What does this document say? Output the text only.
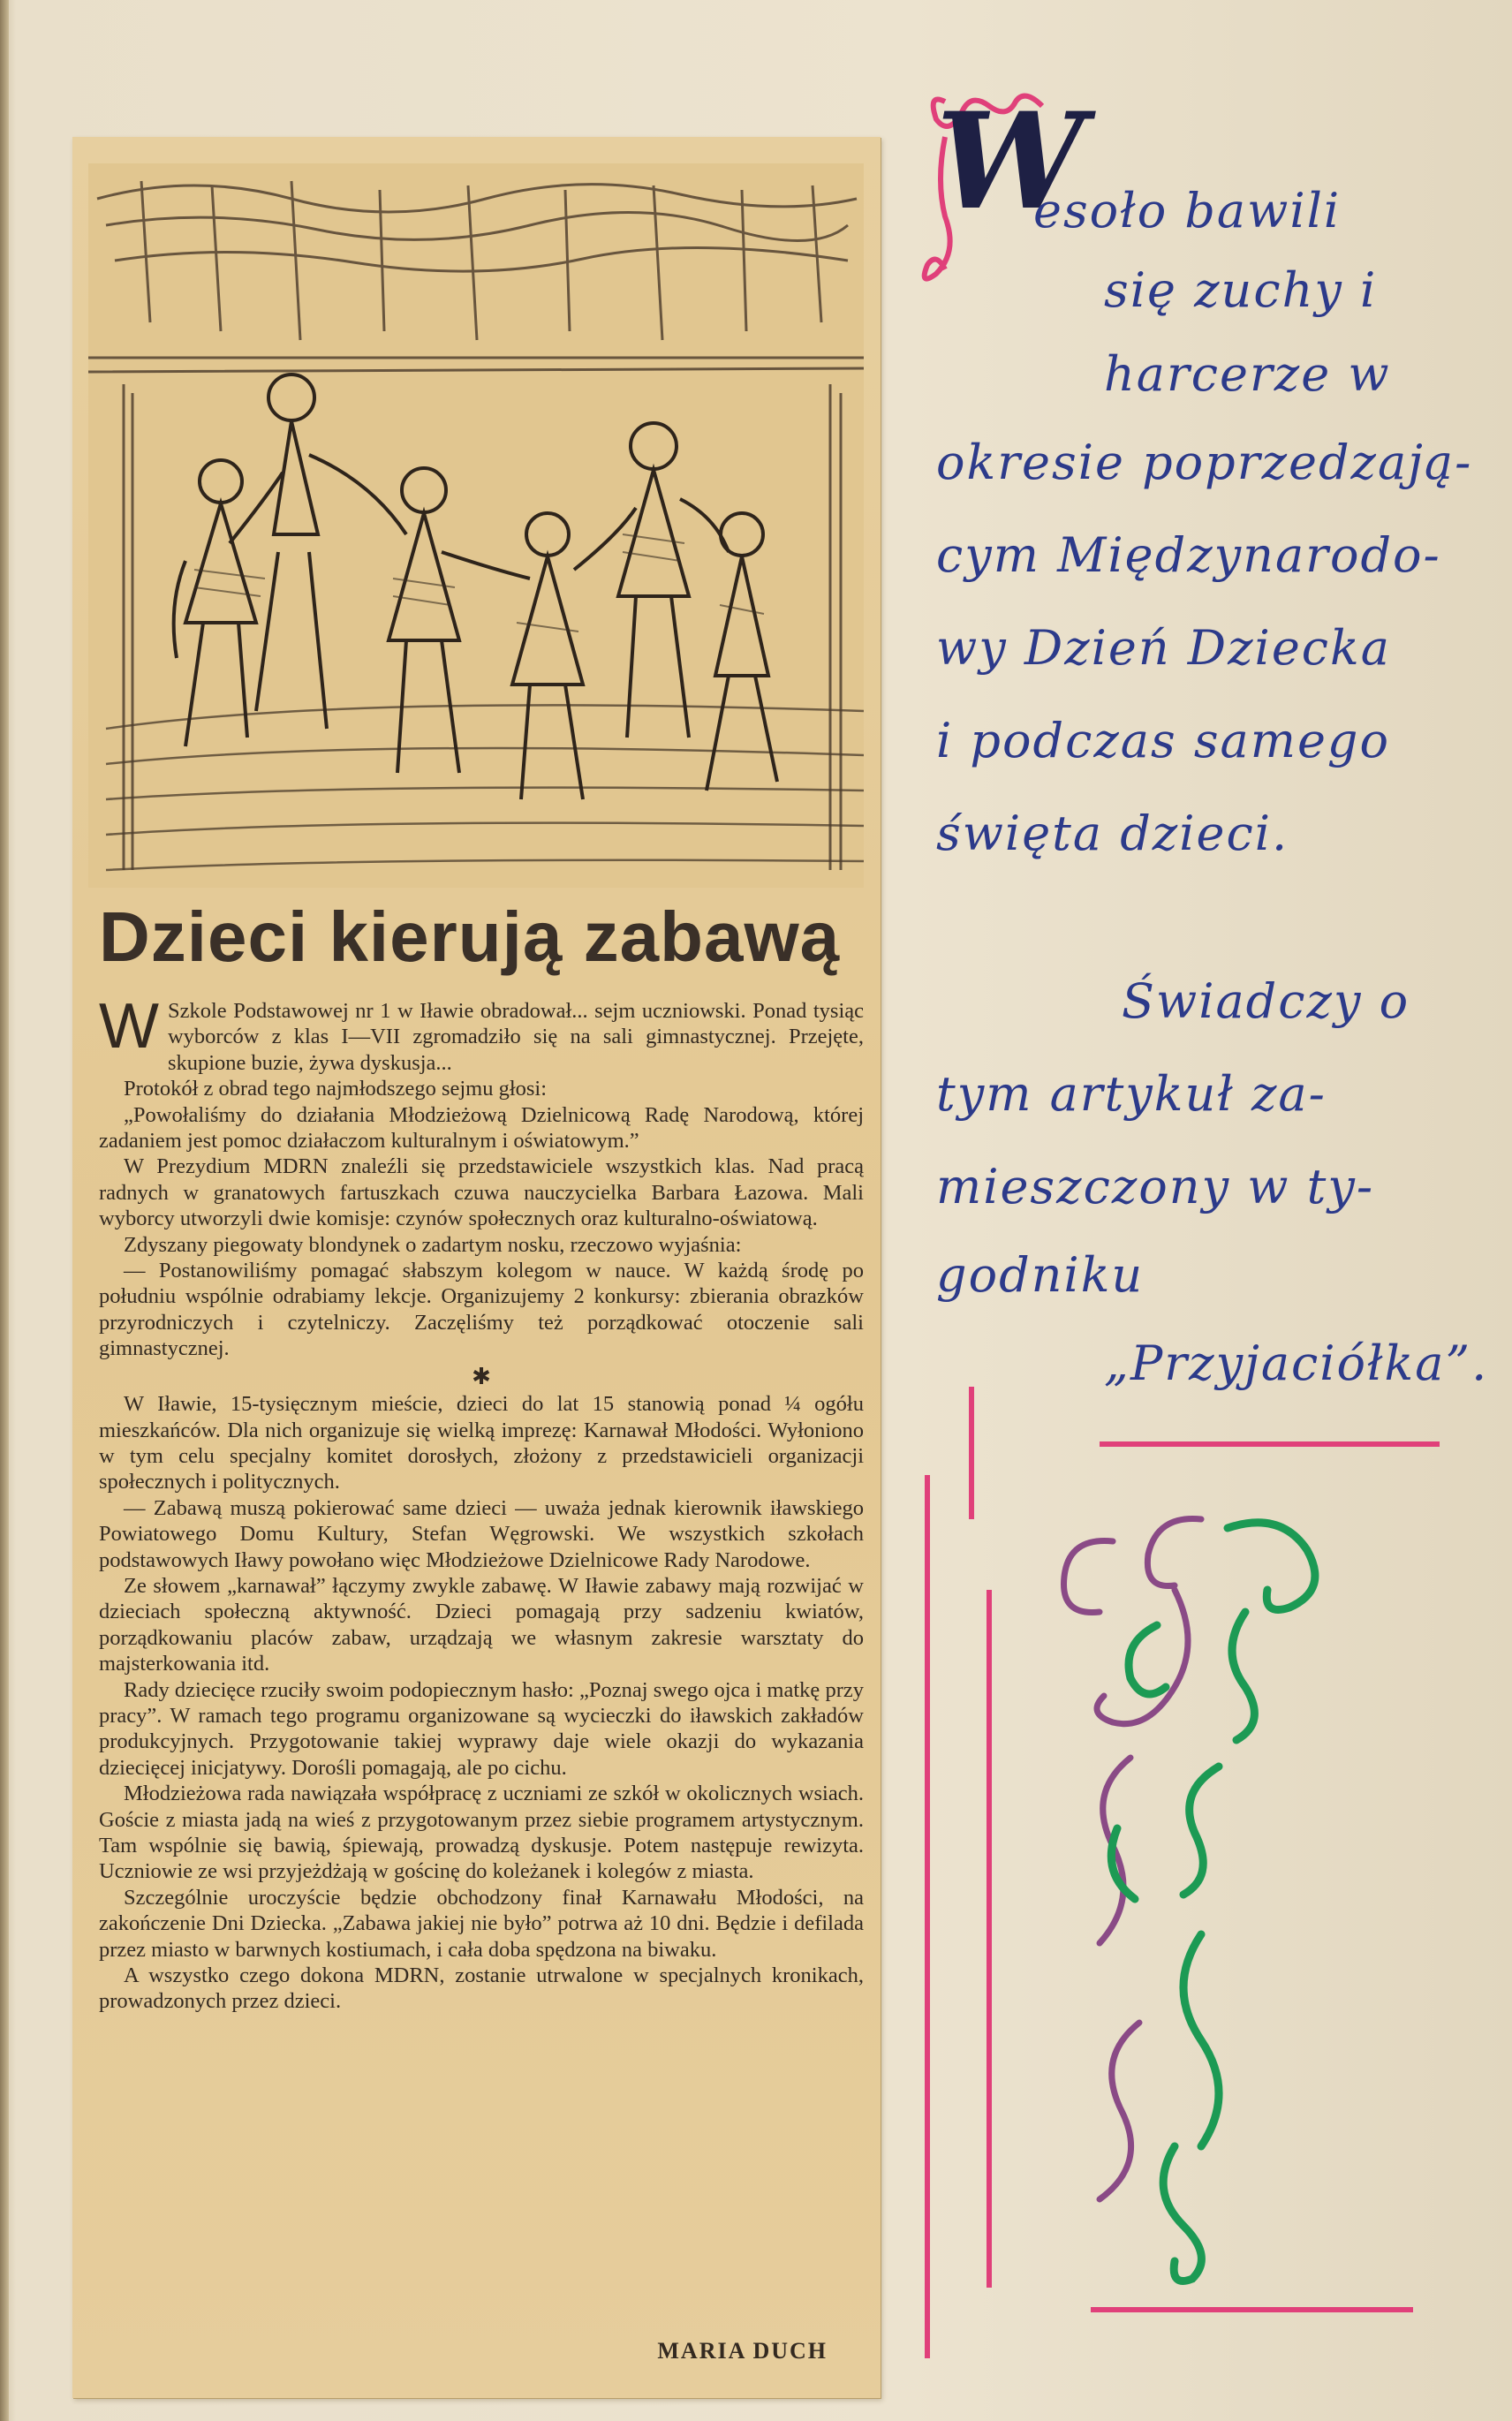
Dzieci kierują zabawą

W Szkole Podstawowej nr 1 w Iławie obradował... sejm uczniowski. Ponad tysiąc wyborców z klas I—VII zgromadziło się na sali gimnastycznej. Przejęte, skupione buzie, żywa dyskusja...

Protokół z obrad tego najmłodszego sejmu głosi:

„Powołaliśmy do działania Młodzieżową Dzielnicową Radę Narodową, której zadaniem jest pomoc działaczom kulturalnym i oświatowym.”

W Prezydium MDRN znaleźli się przedstawiciele wszystkich klas. Nad pracą radnych w granatowych fartuszkach czuwa nauczycielka Barbara Łazowa. Mali wyborcy utworzyli dwie komisje: czynów społecznych oraz kulturalno-oświatową.

Zdyszany piegowaty blondynek o zadartym nosku, rzeczowo wyjaśnia:

— Postanowiliśmy pomagać słabszym kolegom w nauce. W każdą środę po południu wspólnie odrabiamy lekcje. Organizujemy 2 konkursy: zbierania obrazków przyrodniczych i czytelniczy. Zaczęliśmy też porządkować otoczenie sali gimnastycznej.

✱

W Iławie, 15-tysięcznym mieście, dzieci do lat 15 stanowią ponad ¼ ogółu mieszkańców. Dla nich organizuje się wielką imprezę: Karnawał Młodości. Wyłoniono w tym celu specjalny komitet dorosłych, złożony z przedstawicieli organizacji społecznych i politycznych.

— Zabawą muszą pokierować same dzieci — uważa jednak kierownik iławskiego Powiatowego Domu Kultury, Stefan Węgrowski. We wszystkich szkołach podstawowych Iławy powołano więc Młodzieżowe Dzielnicowe Rady Narodowe.

Ze słowem „karnawał” łączymy zwykle zabawę. W Iławie zabawy mają rozwijać w dzieciach społeczną aktywność. Dzieci pomagają przy sadzeniu kwiatów, porządkowaniu placów zabaw, urządzają we własnym zakresie warsztaty do majsterkowania itd.

Rady dziecięce rzuciły swoim podopiecznym hasło: „Poznaj swego ojca i matkę przy pracy”. W ramach tego programu organizowane są wycieczki do iławskich zakładów produkcyjnych. Przygotowanie takiej wyprawy daje wiele okazji do wykazania dziecięcej inicjatywy. Dorośli pomagają, ale po cichu.

Młodzieżowa rada nawiązała współpracę z uczniami ze szkół w okolicznych wsiach. Goście z miasta jadą na wieś z przygotowanym przez siebie programem artystycznym. Tam wspólnie się bawią, śpiewają, prowadzą dyskusje. Potem następuje rewizyta. Uczniowie ze wsi przyjeżdżają w gościnę do koleżanek i kolegów z miasta.

Szczególnie uroczyście będzie obchodzony finał Karnawału Młodości, na zakończenie Dni Dziecka. „Zabawa jakiej nie było” potrwa aż 10 dni. Będzie i defilada przez miasto w barwnych kostiumach, i cała doba spędzona na biwaku.

A wszystko czego dokona MDRN, zostanie utrwalone w specjalnych kronikach, prowadzonych przez dzieci.

MARIA DUCH
W
esoło bawili
się zuchy i
harcerze w
okresie poprzedzają-
cym Międzynarodo-
wy Dzień Dziecka
i podczas samego
święta dzieci.
Świadczy o
tym artykuł za-
mieszczony w ty-
godniku
„Przyjaciółka”.
